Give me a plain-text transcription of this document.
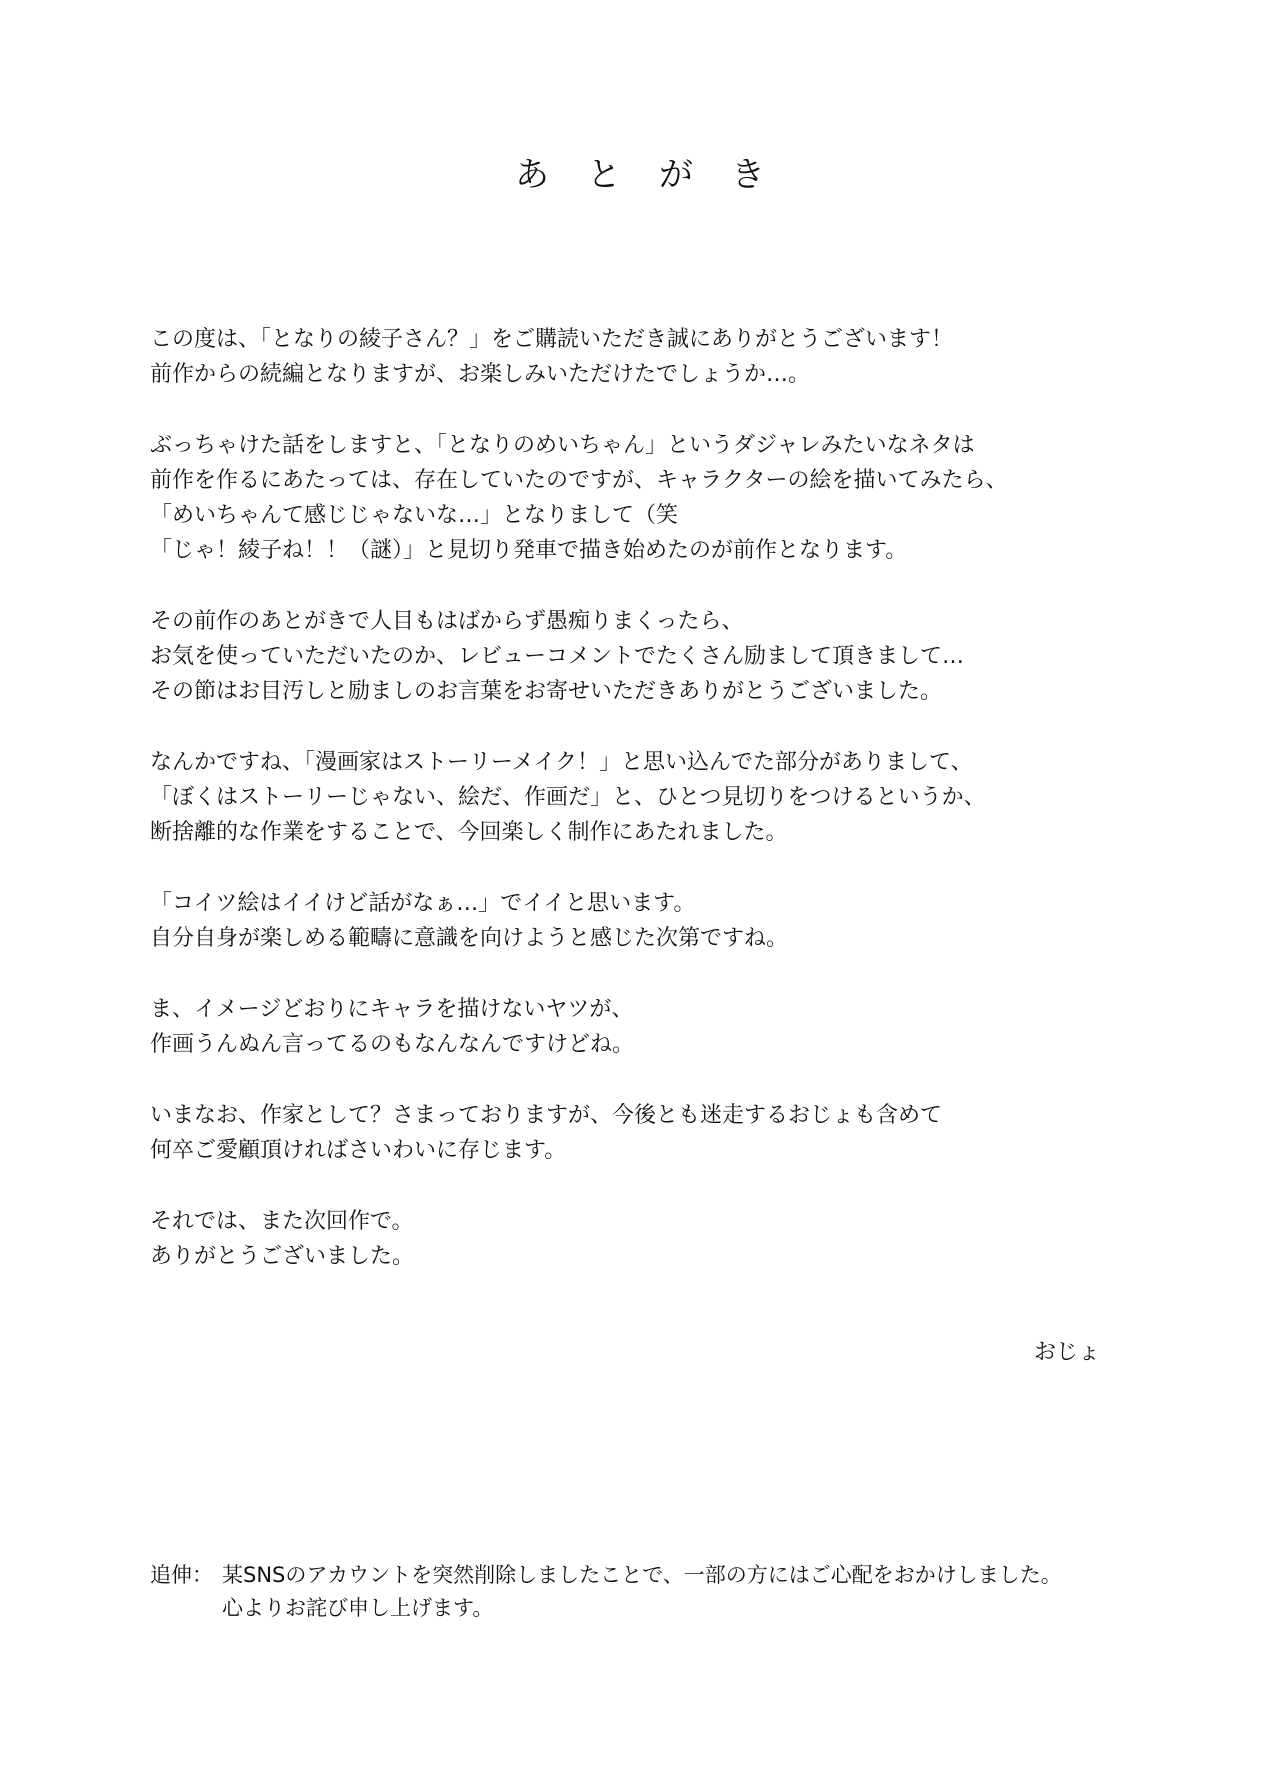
あとがき
この度は、「となりの綾子さん？」をご購読いただき誠にありがとうございます！
前作からの続編となりますが、お楽しみいただけたでしょうか…。
ぶっちゃけた話をしますと、「となりのめいちゃん」というダジャレみたいなネタは
前作を作るにあたっては、存在していたのですが、キャラクターの絵を描いてみたら、
「めいちゃんて感じじゃないな…」となりまして（笑
「じゃ！綾子ね！！（謎）」と見切り発車で描き始めたのが前作となります。
その前作のあとがきで人目もはばからず愚痴りまくったら、
お気を使っていただいたのか、レビューコメントでたくさん励まして頂きまして…
その節はお目汚しと励ましのお言葉をお寄せいただきありがとうございました。
なんかですね、「漫画家はストーリーメイク！」と思い込んでた部分がありまして、
「ぼくはストーリーじゃない、絵だ、作画だ」と、ひとつ見切りをつけるというか、
断捨離的な作業をすることで、今回楽しく制作にあたれました。
「コイツ絵はイイけど話がなぁ…」でイイと思います。
自分自身が楽しめる範疇に意識を向けようと感じた次第ですね。
ま、イメージどおりにキャラを描けないヤツが、
作画うんぬん言ってるのもなんなんですけどね。
いまなお、作家として？さまっておりますが、今後とも迷走するおじょも含めて
何卒ご愛顧頂ければさいわいに存じます。
それでは、また次回作で。
ありがとうございました。
おじょ
追伸： 某SNSのアカウントを突然削除しましたことで、一部の方にはご心配をおかけしました。
心よりお詫び申し上げます。
